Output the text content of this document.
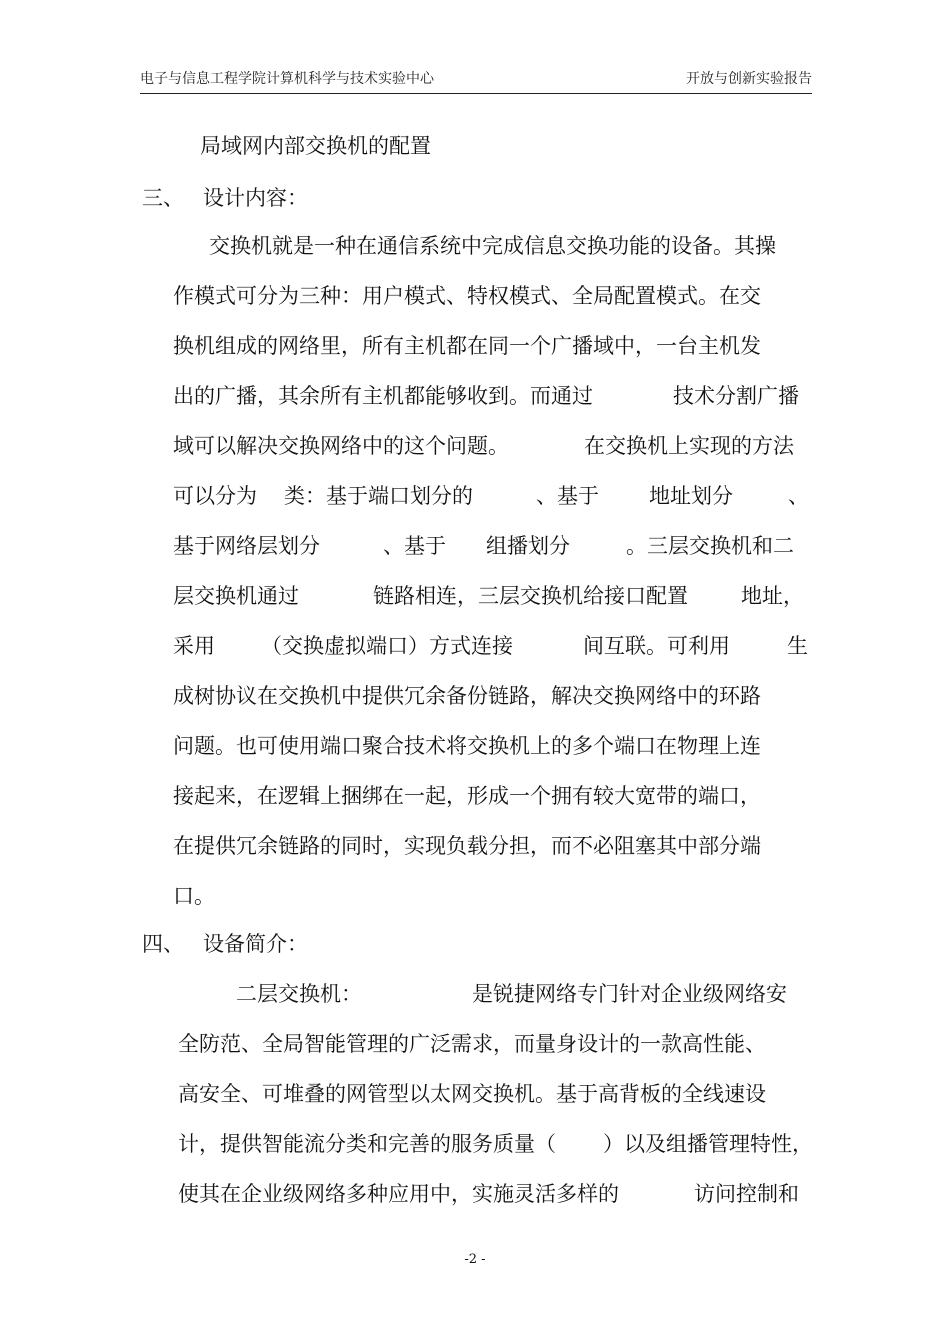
电子与信息工程学院计算机科学与技术实验中心	开放与创新实验报告
局域网内部交换机的配置
三、 设计内容：
交换机就是一种在通信系统中完成信息交换功能的设备。其操
作模式可分为三种：用户模式、特权模式、全局配置模式。在交
换机组成的网络里，所有主机都在同一个广播域中，一台主机发
出的广播，其余所有主机都能够收到。而通过	技术分割广播
域可以解决交换网络中的这个问题。	在交换机上实现的方法
可以分为 类：基于端口划分的	、基于 地址划分	、
基于网络层划分	、基于 组播划分	。三层交换机和二
层交换机通过	链路相连，三层交换机给接口配置	地址，
采用 （交换虚拟端口）方式连接	间互联。可利用	生
成树协议在交换机中提供冗余备份链路，解决交换网络中的环路
问题。也可使用端口聚合技术将交换机上的多个端口在物理上连
接起来，在逻辑上捆绑在一起，形成一个拥有较大宽带的端口，
在提供冗余链路的同时，实现负载分担，而不必阻塞其中部分端
口。
四、 设备简介：
二层交换机：	是锐捷网络专门针对企业级网络安
全防范、全局智能管理的广泛需求，而量身设计的一款高性能、
高安全、可堆叠的网管型以太网交换机。基于高背板的全线速设
计，提供智能流分类和完善的服务质量（ ）以及组播管理特性，
使其在企业级网络多种应用中，实施灵活多样的	访问控制和
-2 -
